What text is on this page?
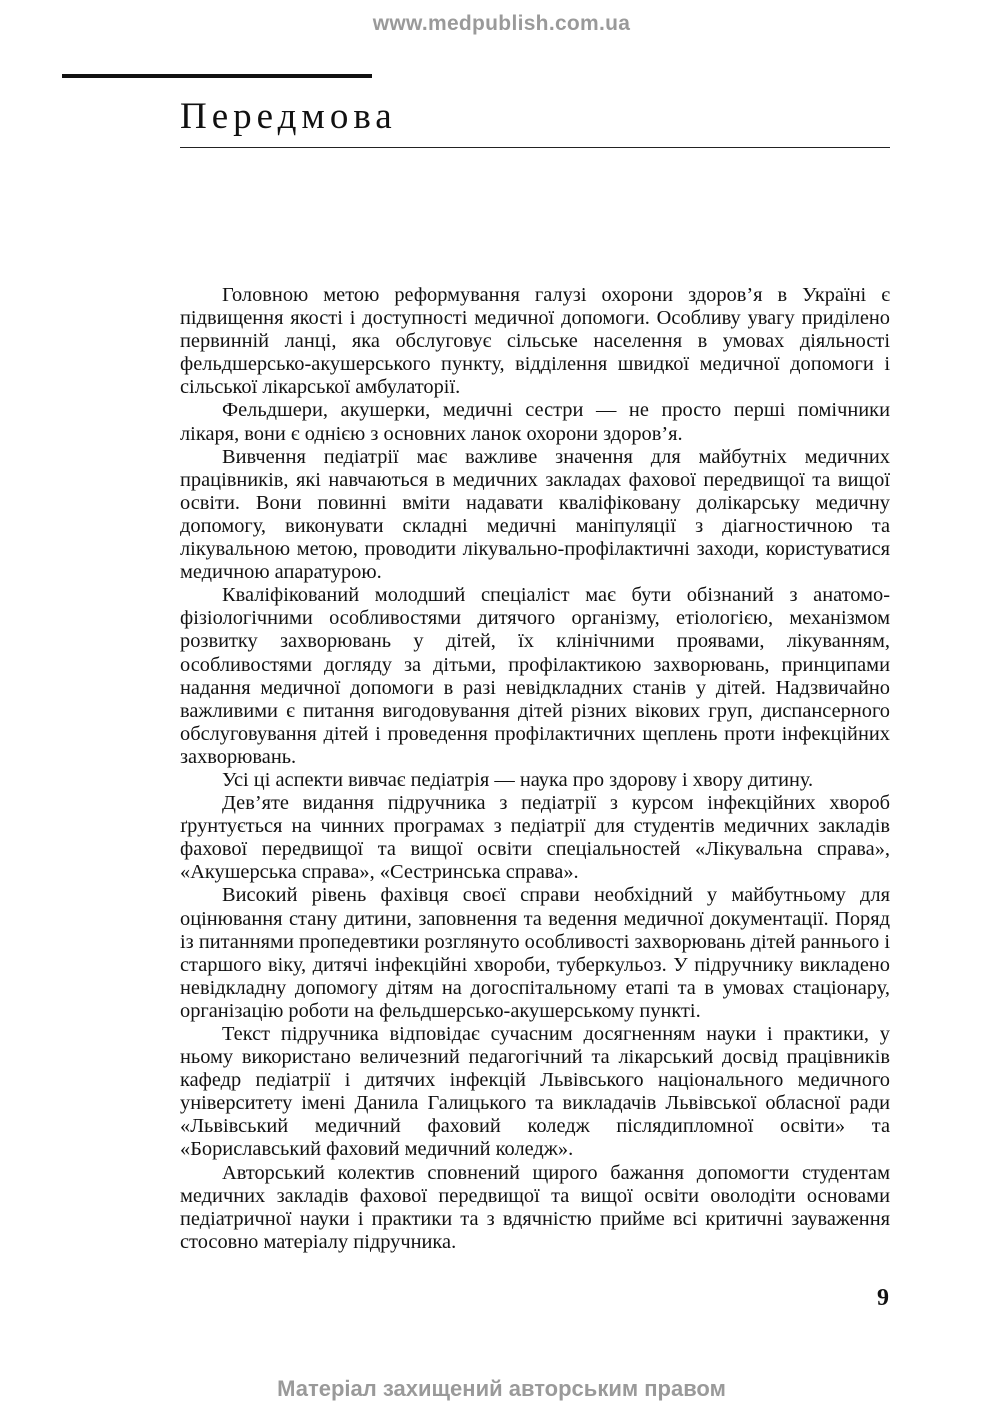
www.medpublish.com.ua
Передмова

Головною метою реформування галузі охорони здоров’я в Україні є підвищення якості і доступності медичної допомоги. Особливу увагу приділено первинній ланці, яка обслуговує сільське населення в умовах діяльності фельдшерсько-акушерського пункту, відділення швидкої медичної допомоги і сільської лікарської амбулаторії.

Фельдшери, акушерки, медичні сестри — не просто перші помічники лікаря, вони є однією з основних ланок охорони здоров’я.

Вивчення педіатрії має важливе значення для майбутніх медичних працівників, які навчаються в медичних закладах фахової передвищої та вищої освіти. Вони повинні вміти надавати кваліфіковану долікарську медичну допомогу, виконувати складні медичні маніпуляції з діагностичною та лікувальною метою, проводити лікувально-профілактичні заходи, користуватися медичною апаратурою.

Кваліфікований молодший спеціаліст має бути обізнаний з анатомо-фізіологічними особливостями дитячого організму, етіологією, механізмом розвитку захворювань у дітей, їх клінічними проявами, лікуванням, особливостями догляду за дітьми, профілактикою захворювань, принципами надання медичної допомоги в разі невідкладних станів у дітей. Надзвичайно важливими є питання вигодовування дітей різних вікових груп, диспансерного обслуговування дітей і проведення профілактичних щеплень проти інфекційних захворювань.

Усі ці аспекти вивчає педіатрія — наука про здорову і хвору дитину.

Дев’яте видання підручника з педіатрії з курсом інфекційних хвороб ґрунтується на чинних програмах з педіатрії для студентів медичних закладів фахової передвищої та вищої освіти спеціальностей «Лікувальна справа», «Акушерська справа», «Сестринська справа».

Високий рівень фахівця своєї справи необхідний у майбутньому для оцінювання стану дитини, заповнення та ведення медичної документації. Поряд із питаннями пропедевтики розглянуто особливості захворювань дітей раннього і старшого віку, дитячі інфекційні хвороби, туберкульоз. У підручнику викладено невідкладну допомогу дітям на догоспітальному етапі та в умовах стаціонару, організацію роботи на фельдшерсько-акушерському пункті.

Текст підручника відповідає сучасним досягненням науки і практики, у ньому використано величезний педагогічний та лікарський досвід працівників кафедр педіатрії і дитячих інфекцій Львівського національного медичного університету імені Данила Галицького та викладачів Львівської обласної ради «Львівський медичний фаховий коледж післядипломної освіти» та «Бориславський фаховий медичний коледж».

Авторський колектив сповнений щирого бажання допомогти студентам медичних закладів фахової передвищої та вищої освіти оволодіти основами педіатричної науки і практики та з вдячністю прийме всі критичні зауваження стосовно матеріалу підручника.

9
Матеріал захищений авторським правом
